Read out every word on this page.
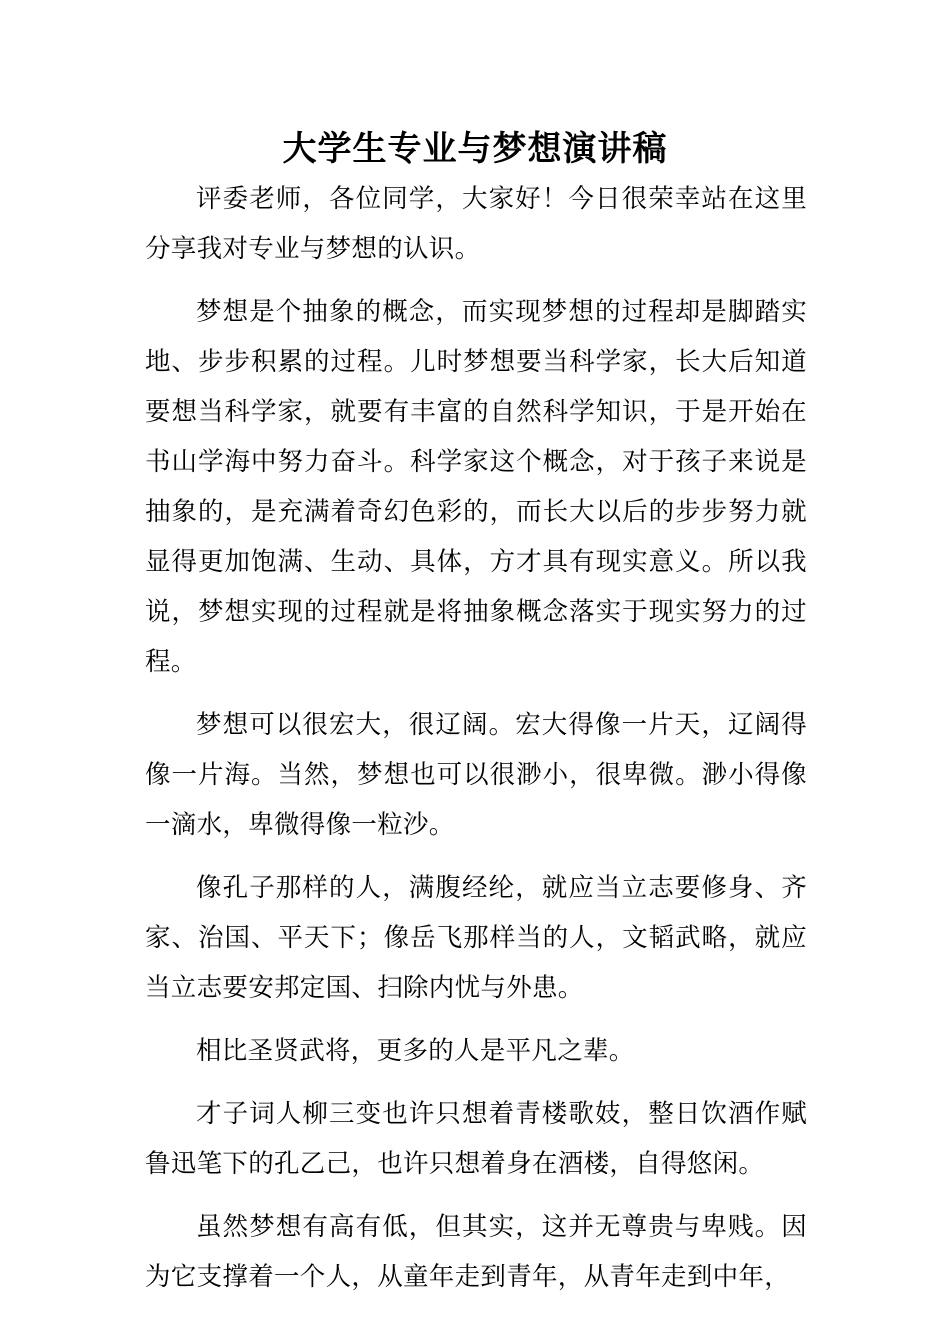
大学生专业与梦想演讲稿

评委老师，各位同学，大家好！今日很荣幸站在这里分享我对专业与梦想的认识。

梦想是个抽象的概念，而实现梦想的过程却是脚踏实地、步步积累的过程。儿时梦想要当科学家，长大后知道要想当科学家，就要有丰富的自然科学知识，于是开始在书山学海中努力奋斗。科学家这个概念，对于孩子来说是抽象的，是充满着奇幻色彩的，而长大以后的步步努力就显得更加饱满、生动、具体，方才具有现实意义。所以我说，梦想实现的过程就是将抽象概念落实于现实努力的过程。

梦想可以很宏大，很辽阔。宏大得像一片天，辽阔得像一片海。当然，梦想也可以很渺小，很卑微。渺小得像一滴水，卑微得像一粒沙。

像孔子那样的人，满腹经纶，就应当立志要修身、齐家、治国、平天下；像岳飞那样当的人，文韬武略，就应当立志要安邦定国、扫除内忧与外患。

相比圣贤武将，更多的人是平凡之辈。

才子词人柳三变也许只想着青楼歌妓，整日饮酒作赋鲁迅笔下的孔乙己，也许只想着身在酒楼，自得悠闲。

虽然梦想有高有低，但其实，这并无尊贵与卑贱。因为它支撑着一个人，从童年走到青年，从青年走到中年，
